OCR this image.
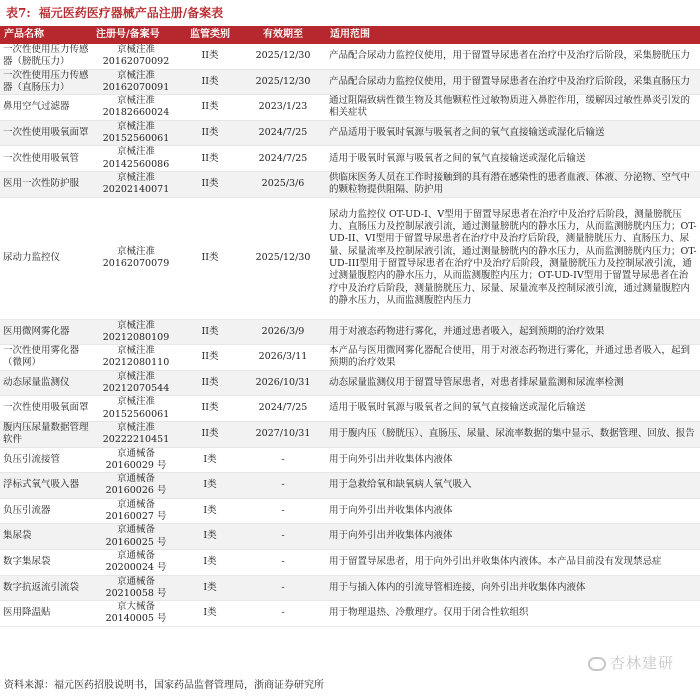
表7: 福元医药医疗器械产品注册/备案表
产品名称	注册号/备案号	监管类别	有效期至	适用范围
一次性使用压力传感器（膀胱压力）	京械注准 20162070092	II类	2025/12/30	产品配合尿动力监控仪使用，用于留置导尿患者在治疗中及治疗后阶段，采集膀胱压力
一次性使用压力传感器（直肠压力）	京械注准 20162070091	II类	2025/12/30	产品配合尿动力监控仪使用，用于留置导尿患者在治疗中及治疗后阶段，采集直肠压力
鼻用空气过滤器	京械注准 20182660024	II类	2023/1/23	通过阻隔致病性微生物及其他颗粒性过敏物质进入鼻腔作用，缓解因过敏性鼻炎引发的相关症状
一次性使用吸氧面罩	京械注准 20152560061	II类	2024/7/25	产品适用于吸氧时氧源与吸氧者之间的氧气直接输送或湿化后输送
一次性使用吸氧管	京械注准 20142560086	II类	2024/7/25	适用于吸氧时氧源与吸氧者之间的氧气直接输送或湿化后输送
医用一次性防护服	京械注准 20202140071	II类	2025/3/6	供临床医务人员在工作时接触到的具有潜在感染性的患者血液、体液、分泌物、空气中的颗粒物提供阻隔、防护用
尿动力监控仪	京械注准 20162070079	II类	2025/12/30	尿动力监控仪 OT-UD-I、V型用于留置导尿患者在治疗中及治疗后阶段，测量膀胱压力、直肠压力及控制尿液引流，通过测量膀胱内的静水压力，从而监测膀胱内压力；OT-UD-II、VI型用于留置导尿患者在治疗中及治疗后阶段，测量膀胱压力、直肠压力、尿量、尿量流率及控制尿液引流，通过测量膀胱内的静水压力，从而监测膀胱内压力；OT-UD-III型用于留置导尿患者在治疗中及治疗后阶段，测量膀胱压力及控制尿液引流，通过测量腹腔内的静水压力，从而监测腹腔内压力；OT-UD-IV型用于留置导尿患者在治疗中及治疗后阶段，测量膀胱压力、尿量、尿量流率及控制尿液引流，通过测量腹腔内的静水压力，从而监测腹腔内压力
医用微网雾化器	京械注准 20212080109	II类	2026/3/9	用于对液态药物进行雾化，并通过患者吸入，起到预期的治疗效果
一次性使用雾化器（微网）	京械注准 20212080110	II类	2026/3/11	本产品与医用微网雾化器配合使用，用于对液态药物进行雾化，并通过患者吸入，起到预期的治疗效果
动态尿量监测仪	京械注准 20212070544	II类	2026/10/31	动态尿量监测仪用于留置导管尿患者，对患者排尿量监测和尿流率检测
一次性使用吸氧面罩	京械注准 20152560061	II类	2024/7/25	适用于吸氧时氧源与吸氧者之间的氧气直接输送或湿化后输送
腹内压尿量数据管理软件	京械注准 20222210451	II类	2027/10/31	用于腹内压（膀胱压）、直肠压、尿量、尿流率数据的集中显示、数据管理、回放、报告
负压引流接管	京通械备 20160029 号	I类	-	用于向外引出并收集体内液体
浮标式氧气吸入器	京通械备 20160026 号	I类	-	用于急救给氧和缺氧病人氧气吸入
负压引流器	京通械备 20160027 号	I类	-	用于向外引出并收集体内液体
集尿袋	京通械备 20160025 号	I类	-	用于向外引出并收集体内液体
数字集尿袋	京通械备 20200024 号	I类	-	用于留置导尿患者，用于向外引出并收集体内液体。本产品目前没有发现禁忌症
数字抗返流引流袋	京通械备 20210058 号	I类	-	用于与插入体内的引流导管相连接，向外引出并收集体内液体
医用降温贴	京大械备 20140005 号	I类	-	用于物理退热、冷敷理疗。仅用于闭合性软组织
资料来源：福元医药招股说明书，国家药品监督管理局，浙商证券研究所
杏林建研
